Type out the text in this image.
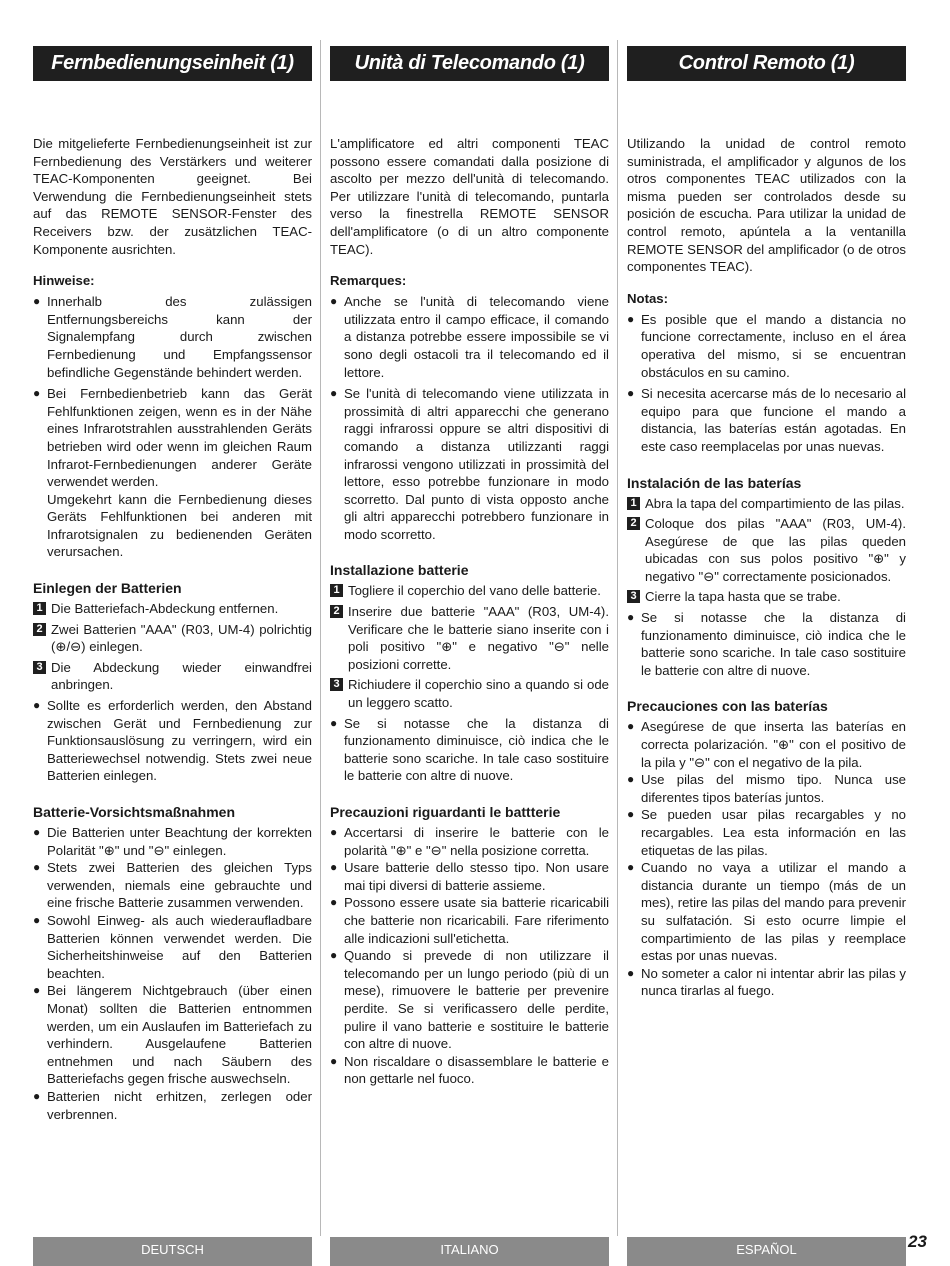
Fernbedienungseinheit (1)
Die mitgelieferte Fernbedienungseinheit ist zur Fernbedienung des Verstärkers und weiterer TEAC-Komponenten geeignet. Bei Verwendung die Fernbedienungseinheit stets auf das REMOTE SENSOR-Fenster des Receivers bzw. der zusätzlichen TEAC-Komponente ausrichten.
Hinweise:
● Innerhalb des zulässigen Entfernungsbereichs kann der Signalempfang durch zwischen Fernbedienung und Empfangssensor befindliche Gegenstände behindert werden.
● Bei Fernbedienbetrieb kann das Gerät Fehlfunktionen zeigen, wenn es in der Nähe eines Infrarotstrahlen ausstrahlenden Geräts betrieben wird oder wenn im gleichen Raum Infrarot-Fernbedienungen anderer Geräte verwendet werden.
Umgekehrt kann die Fernbedienung dieses Geräts Fehlfunktionen bei anderen mit Infrarotsignalen zu bedienenden Geräten verursachen.
Einlegen der Batterien
1 Die Batteriefach-Abdeckung entfernen.
2 Zwei Batterien "AAA" (R03, UM-4) polrichtig (⊕/⊖) einlegen.
3 Die Abdeckung wieder einwandfrei anbringen.
● Sollte es erforderlich werden, den Abstand zwischen Gerät und Fernbedienung zur Funktionsauslösung zu verringern, wird ein Batteriewechsel notwendig. Stets zwei neue Batterien einlegen.
Batterie-Vorsichtsmaßnahmen
● Die Batterien unter Beachtung der korrekten Polarität "⊕" und "⊖" einlegen.
● Stets zwei Batterien des gleichen Typs verwenden, niemals eine gebrauchte und eine frische Batterie zusammen verwenden.
● Sowohl Einweg- als auch wiederaufladbare Batterien können verwendet werden. Die Sicherheitshinweise auf den Batterien beachten.
● Bei längerem Nichtgebrauch (über einen Monat) sollten die Batterien entnommen werden, um ein Auslaufen im Batteriefach zu verhindern. Ausgelaufene Batterien entnehmen und nach Säubern des Batteriefachs gegen frische auswechseln.
● Batterien nicht erhitzen, zerlegen oder verbrennen.
Unità di Telecomando (1)
L'amplificatore ed altri componenti TEAC possono essere comandati dalla posizione di ascolto per mezzo dell'unità di telecomando. Per utilizzare l'unità di telecomando, puntarla verso la finestrella REMOTE SENSOR dell'amplificatore (o di un altro componente TEAC).
Remarques:
● Anche se l'unità di telecomando viene utilizzata entro il campo efficace, il comando a distanza potrebbe essere impossibile se vi sono degli ostacoli tra il telecomando ed il lettore.
● Se l'unità di telecomando viene utilizzata in prossimità di altri apparecchi che generano raggi infrarossi oppure se altri dispositivi di comando a distanza utilizzanti raggi infrarossi vengono utilizzati in prossimità del lettore, esso potrebbe funzionare in modo scorretto. Dal punto di vista opposto anche gli altri apparecchi potrebbero funzionare in modo scorretto.
Installazione batterie
1 Togliere il coperchio del vano delle batterie.
2 Inserire due batterie "AAA" (R03, UM-4). Verificare che le batterie siano inserite con i poli positivo "⊕" e negativo "⊖" nelle posizioni corrette.
3 Richiudere il coperchio sino a quando si ode un leggero scatto.
● Se si notasse che la distanza di funzionamento diminuisce, ciò indica che le batterie sono scariche. In tale caso sostituire le batterie con altre di nuove.
Precauzioni riguardanti le battterie
● Accertarsi di inserire le batterie con le polarità "⊕" e "⊖" nella posizione corretta.
● Usare batterie dello stesso tipo. Non usare mai tipi diversi di batterie assieme.
● Possono essere usate sia batterie ricaricabili che batterie non ricaricabili. Fare riferimento alle indicazioni sull'etichetta.
● Quando si prevede di non utilizzare il telecomando per un lungo periodo (più di un mese), rimuovere le batterie per prevenire perdite. Se si verificassero delle perdite, pulire il vano batterie e sostituire le batterie con altre di nuove.
● Non riscaldare o disassemblare le batterie e non gettarle nel fuoco.
Control Remoto (1)
Utilizando la unidad de control remoto suministrada, el amplificador y algunos de los otros componentes TEAC utilizados con la misma pueden ser controlados desde su posición de escucha. Para utilizar la unidad de control remoto, apúntela a la ventanilla REMOTE SENSOR del amplificador (o de otros componentes TEAC).
Notas:
● Es posible que el mando a distancia no funcione correctamente, incluso en el área operativa del mismo, si se encuentran obstáculos en su camino.
● Si necesita acercarse más de lo necesario al equipo para que funcione el mando a distancia, las baterías están agotadas. En este caso reemplacelas por unas nuevas.
Instalación de las baterías
1 Abra la tapa del compartimiento de las pilas.
2 Coloque dos pilas "AAA" (R03, UM-4). Asegúrese de que las pilas queden ubicadas con sus polos positivo "⊕" y negativo "⊖" correctamente posicionados.
3 Cierre la tapa hasta que se trabe.
● Se si notasse che la distanza di funzionamento diminuisce, ciò indica che le batterie sono scariche. In tale caso sostituire le batterie con altre di nuove.
Precauciones con las baterías
● Asegúrese de que inserta las baterías en correcta polarización. "⊕" con el positivo de la pila y "⊖" con el negativo de la pila.
● Use pilas del mismo tipo. Nunca use diferentes tipos baterías juntos.
● Se pueden usar pilas recargables y no recargables. Lea esta información en las etiquetas de las pilas.
● Cuando no vaya a utilizar el mando a distancia durante un tiempo (más de un mes), retire las pilas del mando para prevenir su sulfatación. Si esto ocurre limpie el compartimiento de las pilas y reemplace estas por unas nuevas.
● No someter a calor ni intentar abrir las pilas y nunca tirarlas al fuego.
DEUTSCH	ITALIANO	ESPAÑOL	23
